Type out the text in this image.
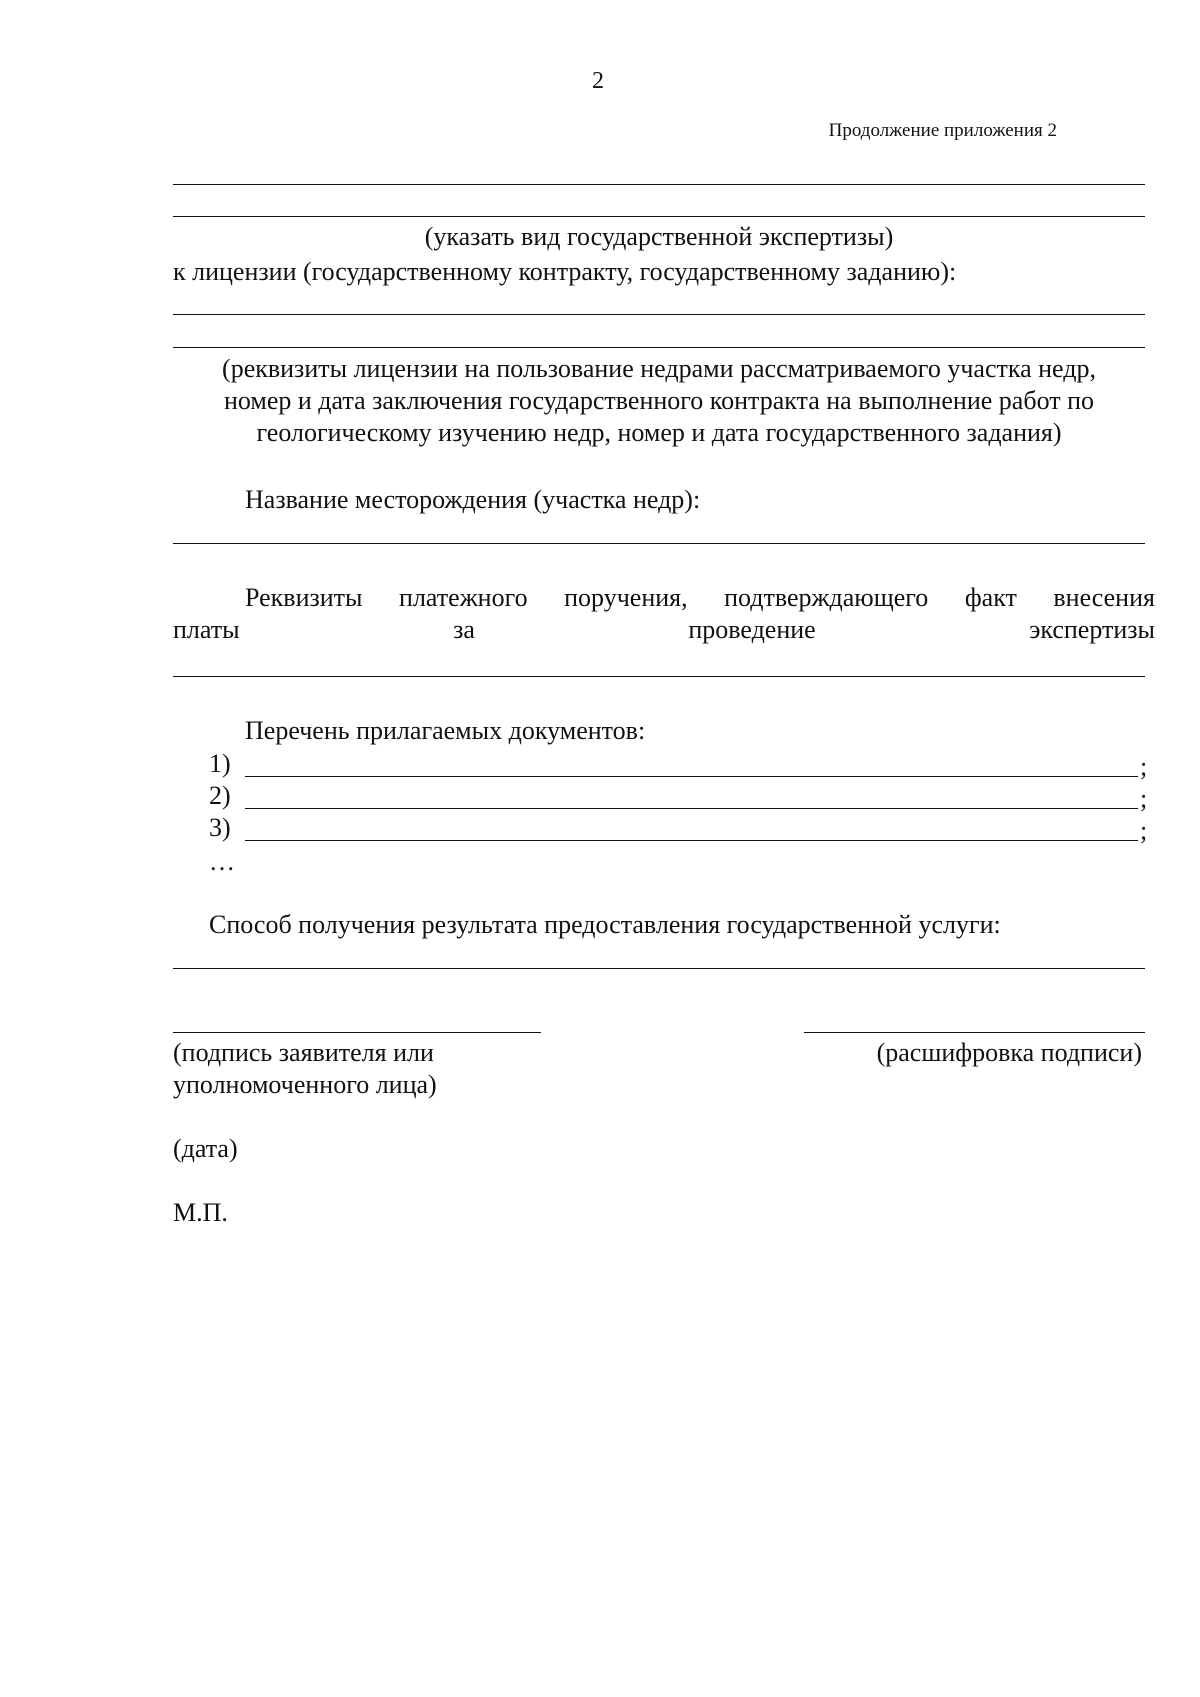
2
Продолжение приложения 2
(указать вид государственной экспертизы)
к лицензии (государственному контракту, государственному заданию):
(реквизиты лицензии на пользование недрами рассматриваемого участка недр,
номер и дата заключения государственного контракта на выполнение работ по
геологическому изучению недр, номер и дата государственного задания)
Название месторождения (участка недр):
Реквизиты платежного поручения, подтверждающего факт внесения
платы	за	проведение	экспертизы
Перечень прилагаемых документов:
1)	;
2)	;
3)	;
…
Способ получения результата предоставления государственной услуги:
(подпись заявителя или
уполномоченного лица)
(расшифровка подписи)
(дата)
М.П.
